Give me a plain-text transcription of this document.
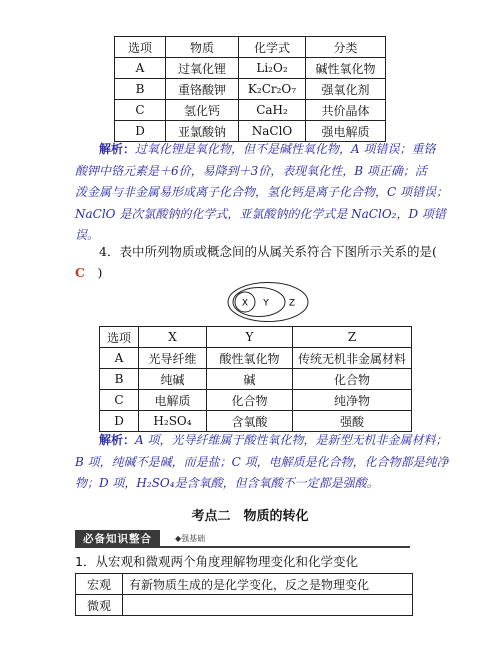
选项	物质	化学式	分类
A	过氧化锂	Li₂O₂	碱性氧化物
B	重铬酸钾	K₂Cr₂O₇	强氧化剂
C	氢化钙	CaH₂	共价晶体
D	亚氯酸钠	NaClO	强电解质
解析：过氧化锂是氧化物，但不是碱性氧化物，A 项错误；重铬
酸钾中铬元素是＋6价，易降到＋3价，表现氧化性，B 项正确；活
泼金属与非金属易形成离子化合物，氢化钙是离子化合物，C 项错误；
NaClO 是次氯酸钠的化学式，亚氯酸钠的化学式是 NaClO₂，D 项错
误。
4．表中所列物质或概念间的从属关系符合下图所示关系的是(
C　 )
X Y Z
选项	X	Y	Z
A	光导纤维	酸性氧化物	传统无机非金属材料
B	纯碱	碱	化合物
C	电解质	化合物	纯净物
D	H₂SO₄	含氧酸	强酸
解析：A 项，光导纤维属于酸性氧化物，是新型无机非金属材料；
B 项，纯碱不是碱，而是盐；C 项，电解质是化合物，化合物都是纯净
物；D 项，H₂SO₄是含氧酸，但含氧酸不一定都是强酸。
考点二　物质的转化
必备知识整合	◆强基础
1．从宏观和微观两个角度理解物理变化和化学变化
宏观	有新物质生成的是化学变化，反之是物理变化
微观	
